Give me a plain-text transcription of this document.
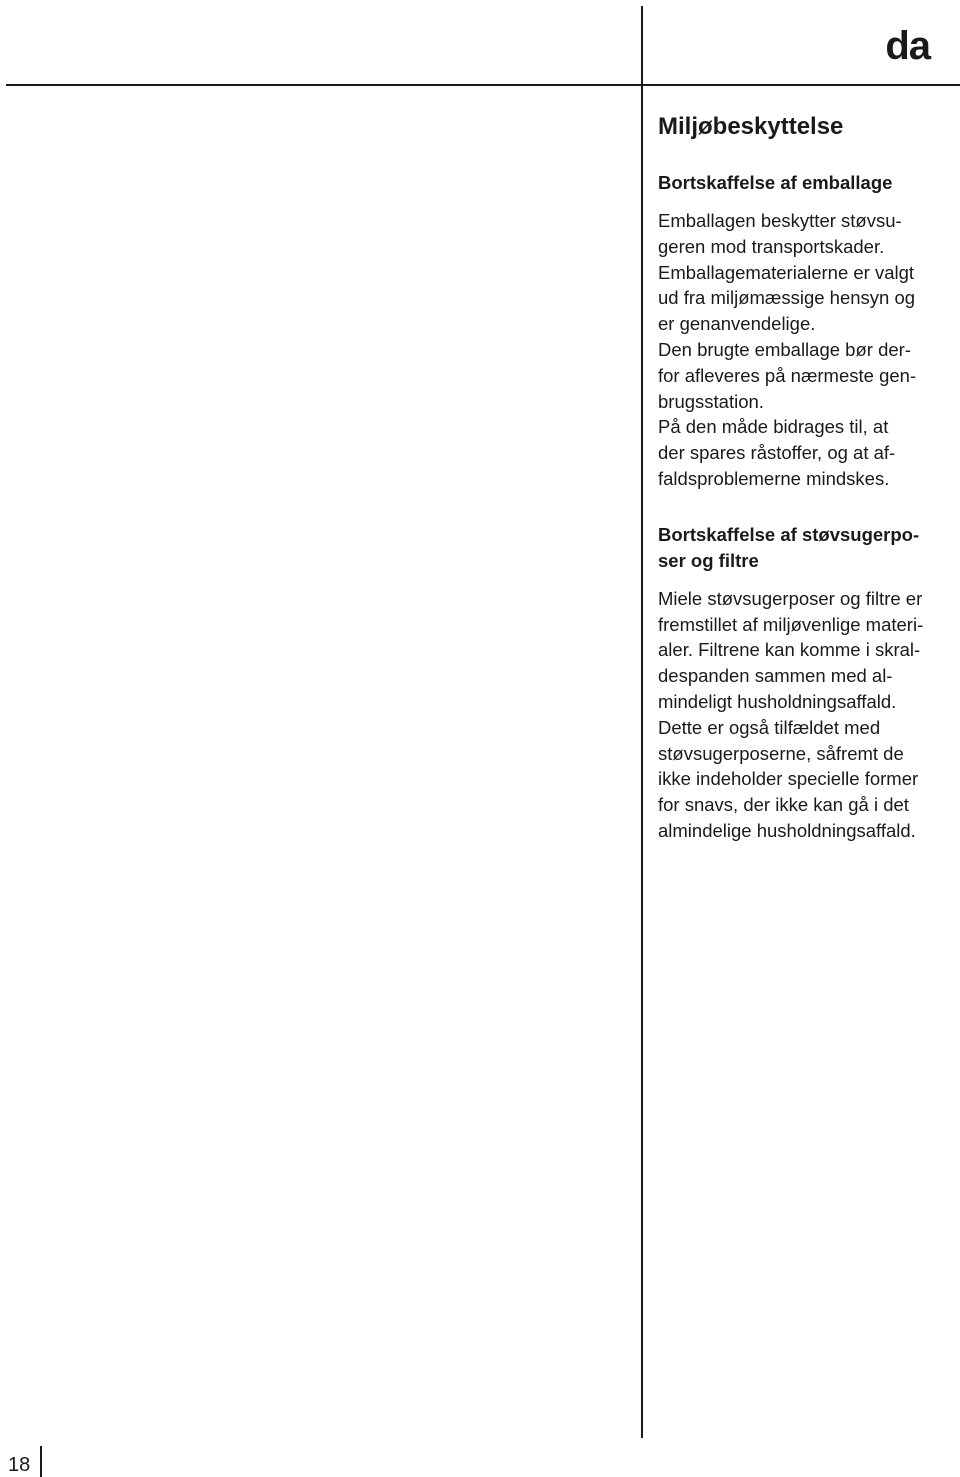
da
Miljøbeskyttelse
Bortskaffelse af emballage

Emballagen beskytter støvsu-
geren mod transportskader.
Emballagematerialerne er valgt
ud fra miljømæssige hensyn og
er genanvendelige.
Den brugte emballage bør der-
for afleveres på nærmeste gen-
brugsstation.
På den måde bidrages til, at
der spares råstoffer, og at af-
faldsproblemerne mindskes.

Bortskaffelse af støvsugerpo-
ser og filtre

Miele støvsugerposer og filtre er
fremstillet af miljøvenlige materi-
aler. Filtrene kan komme i skral-
despanden sammen med al-
mindeligt husholdningsaffald.
Dette er også tilfældet med
støvsugerposerne, såfremt de
ikke indeholder specielle former
for snavs, der ikke kan gå i det
almindelige husholdningsaffald.

18
